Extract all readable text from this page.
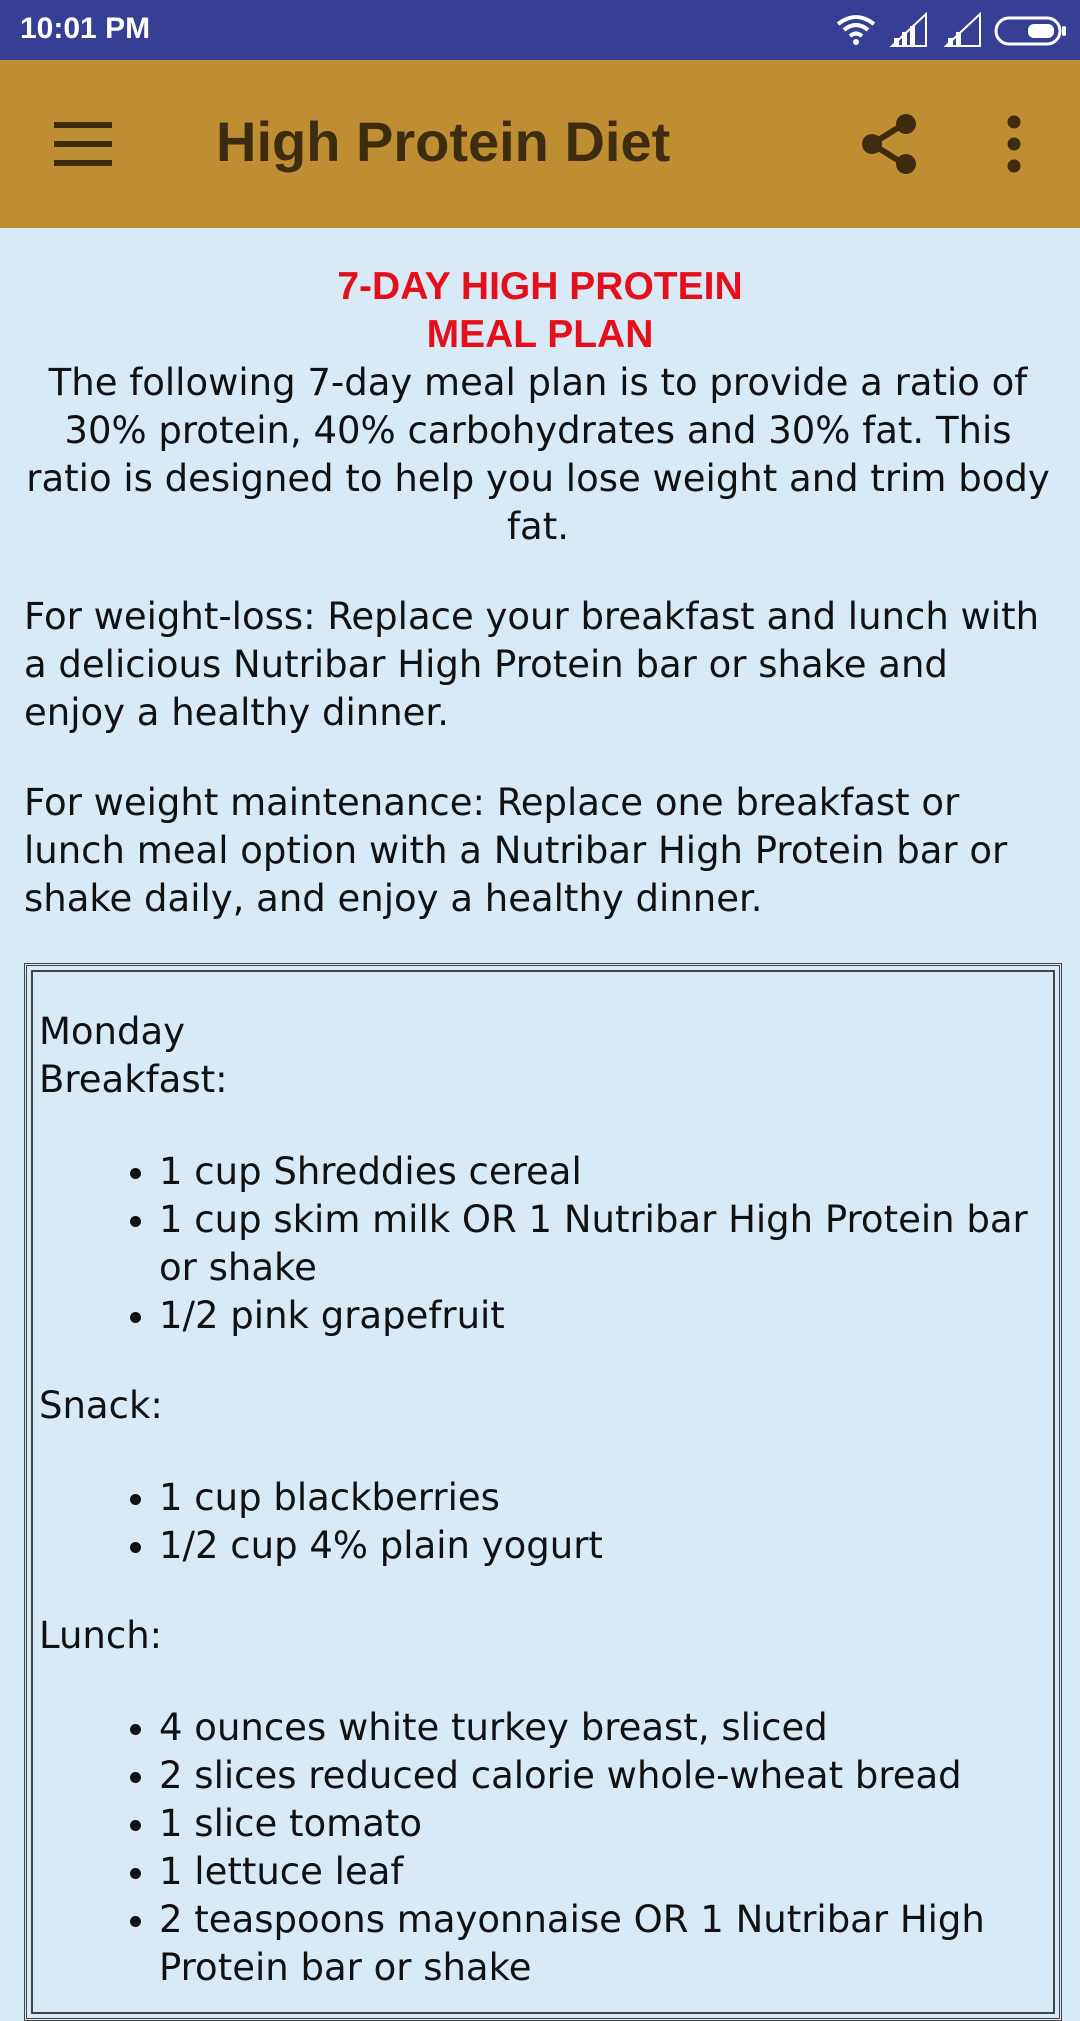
10:01 PM
High Protein Diet
7-DAY HIGH PROTEIN
MEAL PLAN

The following 7-day meal plan is to provide a ratio of 30% protein, 40% carbohydrates and 30% fat. This ratio is designed to help you lose weight and trim body fat.

For weight-loss: Replace your breakfast and lunch with a delicious Nutribar High Protein bar or shake and enjoy a healthy dinner.

For weight maintenance: Replace one breakfast or lunch meal option with a Nutribar High Protein bar or shake daily, and enjoy a healthy dinner.

Monday
Breakfast:
• 1 cup Shreddies cereal
• 1 cup skim milk OR 1 Nutribar High Protein bar or shake
• 1/2 pink grapefruit
Snack:
• 1 cup blackberries
• 1/2 cup 4% plain yogurt
Lunch:
• 4 ounces white turkey breast, sliced
• 2 slices reduced calorie whole-wheat bread
• 1 slice tomato
• 1 lettuce leaf
• 2 teaspoons mayonnaise OR 1 Nutribar High Protein bar or shake
